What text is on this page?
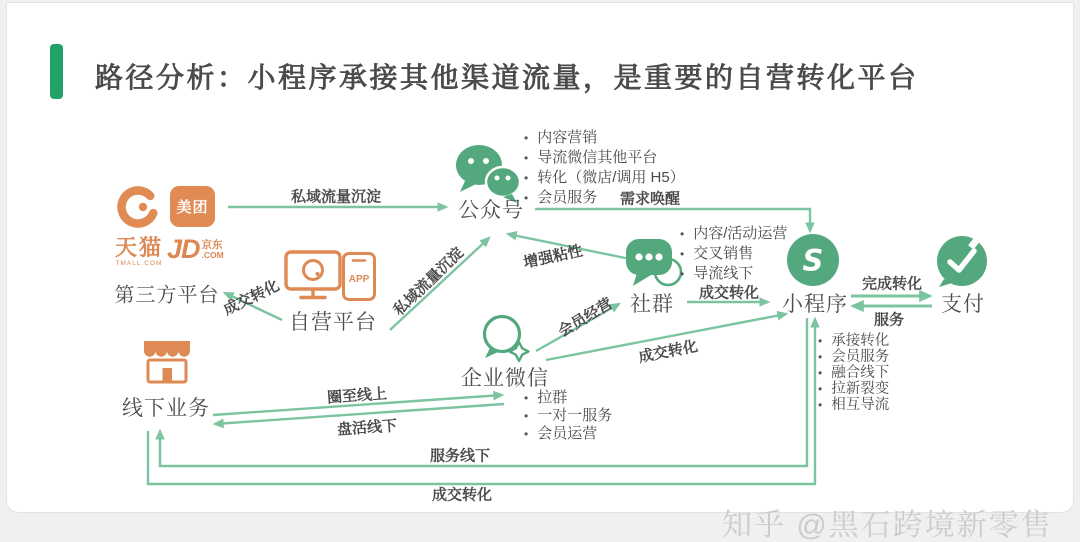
路径分析：小程序承接其他渠道流量，是重要的自营转化平台
私域流量沉淀
私域流量沉淀
成交转化
增强粘性
需求唤醒
会员经营
成交转化
成交转化
完成转化
服务
圈至线上
盘活线下
服务线下
成交转化
美团
天猫
TMALL.COM JD 京东
.COM
第三方平台
APP
自营平台
线下业务
公众号
• 内容营销
• 导流微信其他平台
• 转化（微店/调用 H5）
• 会员服务
社群
• 内容/活动运营
• 交叉销售
• 导流线下	S
小程序
• 承接转化
• 会员服务
• 融合线下
• 拉新裂变
• 相互导流
支付
企业微信
• 拉群
• 一对一服务
• 会员运营
知乎 @黑石跨境新零售
